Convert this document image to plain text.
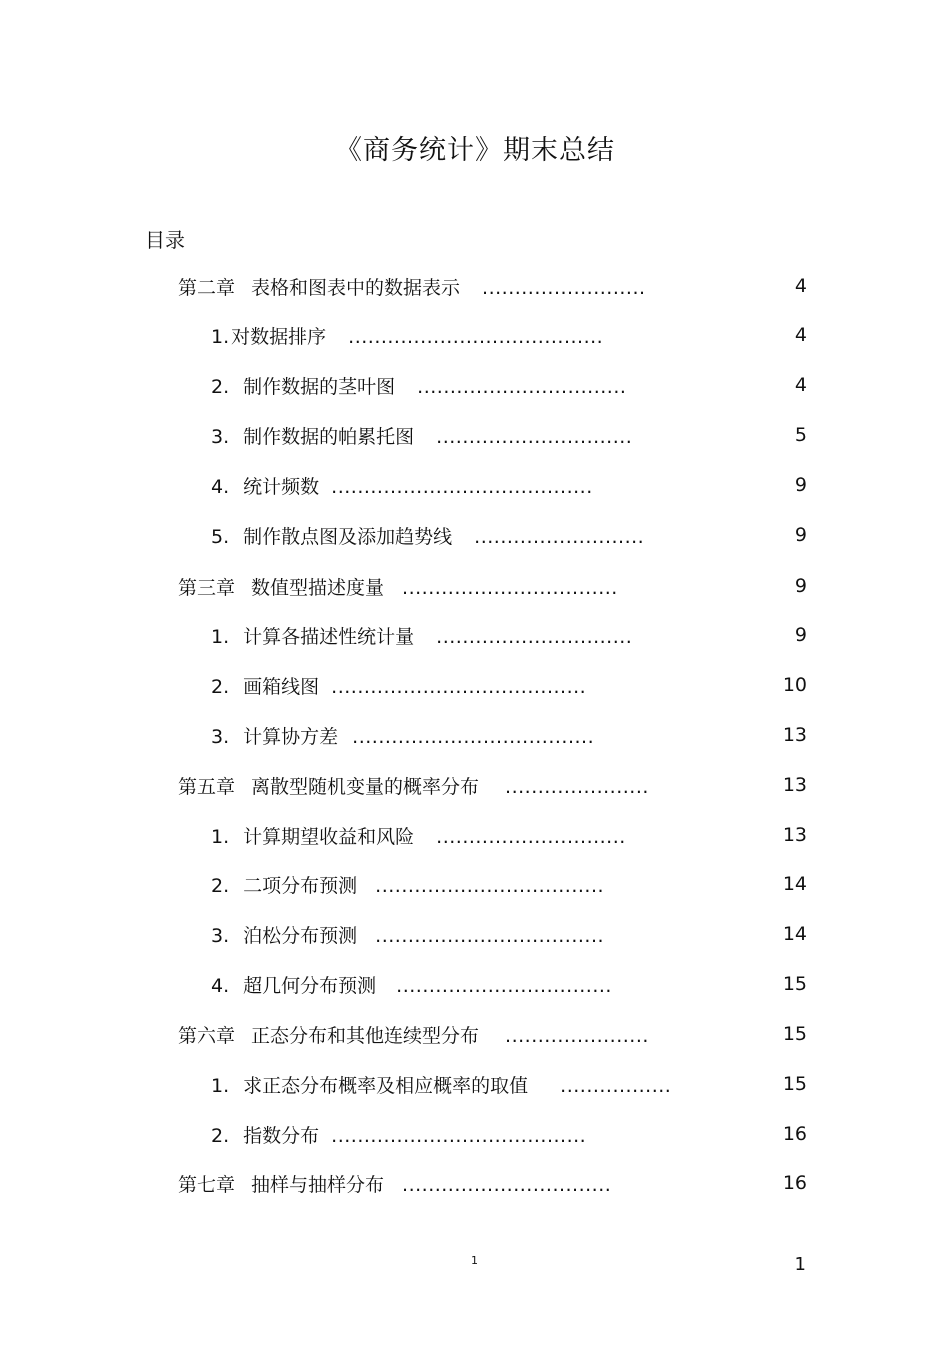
《商务统计》期末总结
目录
第二章 表格和图表中的数据表示 .........................	4
1. 对数据排序 .......................................	4
2. 制作数据的茎叶图 ................................	4
3. 制作数据的帕累托图 ..............................	5
4. 统计频数 ........................................	9
5. 制作散点图及添加趋势线 ..........................	9
第三章 数值型描述度量 .................................	9
1. 计算各描述性统计量 ..............................	9
2. 画箱线图 .......................................	10
3. 计算协方差 .....................................	13
第五章 离散型随机变量的概率分布 ......................	13
1. 计算期望收益和风险 .............................	13
2. 二项分布预测 ...................................	14
3. 泊松分布预测 ...................................	14
4. 超几何分布预测 .................................	15
第六章 正态分布和其他连续型分布 ......................	15
1. 求正态分布概率及相应概率的取值 .................	15
2. 指数分布 .......................................	16
第七章 抽样与抽样分布 ................................	16
1	1
